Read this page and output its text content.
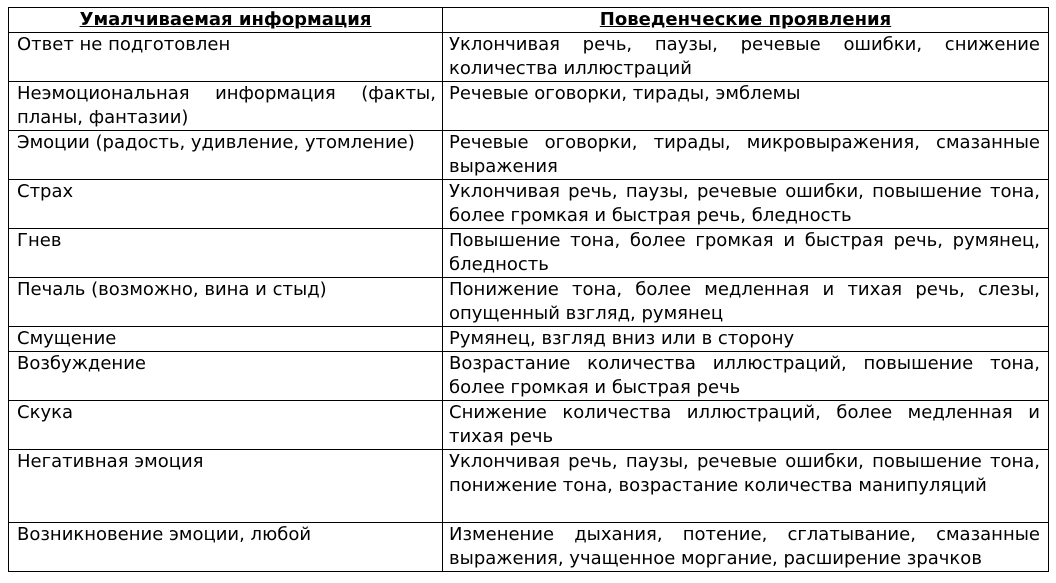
Умалчиваемая информация	Поведенческие проявления
Ответ не подготовлен	Уклончивая речь, паузы, речевые ошибки, снижение количества иллюстраций
Неэмоциональная информация (факты, планы, фантазии)	Речевые оговорки, тирады, эмблемы
Эмоции (радость, удивление, утомление)	Речевые оговорки, тирады, микровыражения, смазанные выражения
Страх	Уклончивая речь, паузы, речевые ошибки, повышение тона, более громкая и быстрая речь, бледность
Гнев	Повышение тона, более громкая и быстрая речь, румянец, бледность
Печаль (возможно, вина и стыд)	Понижение тона, более медленная и тихая речь, слезы, опущенный взгляд, румянец
Смущение	Румянец, взгляд вниз или в сторону
Возбуждение	Возрастание количества иллюстраций, повышение тона, более громкая и быстрая речь
Скука	Снижение количества иллюстраций, более медленная и тихая речь
Негативная эмоция	Уклончивая речь, паузы, речевые ошибки, повышение тона, понижение тона, возрастание количества манипуляций
Возникновение эмоции, любой	Изменение дыхания, потение, сглатывание, смазанные выражения, учащенное моргание, расширение зрачков
